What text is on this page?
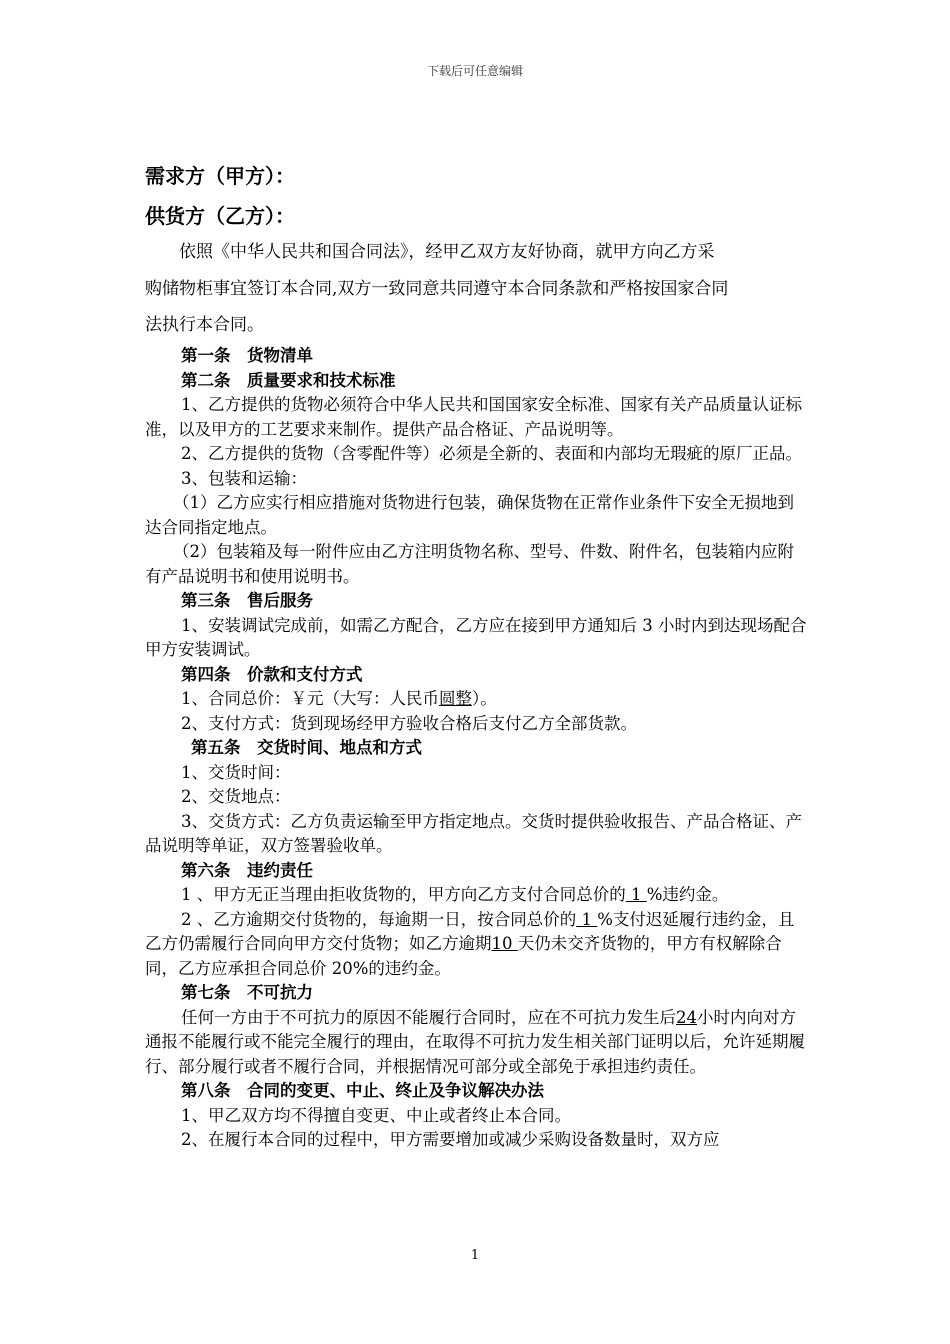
下载后可任意编辑
需求方（甲方）：
供货方（乙方）：
依照《中华人民共和国合同法》，经甲乙双方友好协商，就甲方向乙方采
购储物柜事宜签订本合同,双方一致同意共同遵守本合同条款和严格按国家合同
法执行本合同。

第一条　货物清单

第二条　质量要求和技术标准

1、乙方提供的货物必须符合中华人民共和国国家安全标准、国家有关产品质量认证标准，以及甲方的工艺要求来制作。提供产品合格证、产品说明等。

2、乙方提供的货物（含零配件等）必须是全新的、表面和内部均无瑕疵的原厂正品。

3、包装和运输：

（1）乙方应实行相应措施对货物进行包装，确保货物在正常作业条件下安全无损地到达合同指定地点。

（2）包装箱及每一附件应由乙方注明货物名称、型号、件数、附件名，包装箱内应附有产品说明书和使用说明书。

第三条　售后服务

1、安装调试完成前，如需乙方配合，乙方应在接到甲方通知后 3 小时内到达现场配合甲方安装调试。

第四条　价款和支付方式

1、合同总价：￥元（大写：人民币圆整）。

2、支付方式：货到现场经甲方验收合格后支付乙方全部货款。

第五条　交货时间、地点和方式

1、交货时间：

2、交货地点：

3、交货方式：乙方负责运输至甲方指定地点。交货时提供验收报告、产品合格证、产品说明等单证，双方签署验收单。

第六条　违约责任

1 、甲方无正当理由拒收货物的，甲方向乙方支付合同总价的 1 %违约金。

2 、乙方逾期交付货物的，每逾期一日，按合同总价的 1 %支付迟延履行违约金，且乙方仍需履行合同向甲方交付货物；如乙方逾期10 天仍未交齐货物的，甲方有权解除合同，乙方应承担合同总价 20%的违约金。

第七条　不可抗力

任何一方由于不可抗力的原因不能履行合同时，应在不可抗力发生后24小时内向对方通报不能履行或不能完全履行的理由，在取得不可抗力发生相关部门证明以后，允许延期履行、部分履行或者不履行合同，并根据情况可部分或全部免于承担违约责任。

第八条　合同的变更、中止、终止及争议解决办法

1、甲乙双方均不得擅自变更、中止或者终止本合同。

2、在履行本合同的过程中，甲方需要增加或减少采购设备数量时，双方应

1
